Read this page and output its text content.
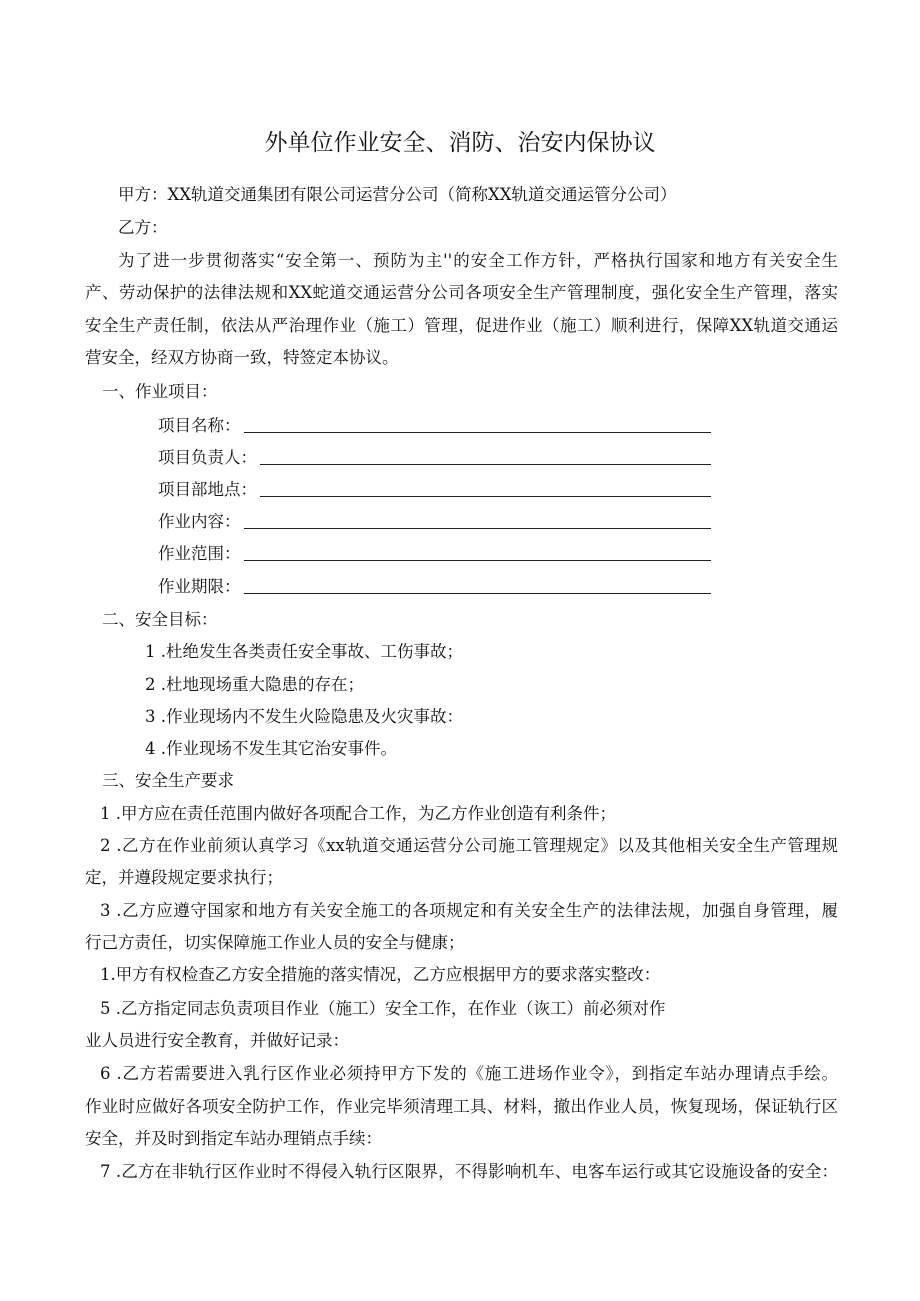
外单位作业安全、消防、治安内保协议
甲方：XX轨道交通集团有限公司运营分公司（简称XX轨道交通运管分公司）
乙方：
为了进一步贯彻落实“安全第一、预防为主''的安全工作方针，严格执行国家和地方有关安全生
产、劳动保护的法律法规和XX蛇道交通运营分公司各项安全生产管理制度，强化安全生产管理，落实
安全生产责任制，依法从严治理作业（施工）管理，促进作业（施工）顺利进行，保障XX轨道交通运
营安全，经双方协商一致，特签定本协议。
一、作业项目：
项目名称：
项目负责人：
项目部地点：
作业内容：
作业范围：
作业期限：
二、安全目标：
1 .杜绝发生各类责任安全事故、工伤事故；
2 .杜地现场重大隐患的存在；
3 .作业现场内不发生火险隐患及火灾事故：
4 .作业现场不发生其它治安事件。
三、安全生产要求
1 .甲方应在责任范围内做好各项配合工作，为乙方作业创造有利条件；
2 .乙方在作业前须认真学习《xx轨道交通运营分公司施工管理规定》以及其他相关安全生产管理规
定，并遵段规定要求执行；
3 .乙方应遵守国家和地方有关安全施工的各项规定和有关安全生产的法律法规，加强自身管理，履
行己方责任，切实保障施工作业人员的安全与健康；
1.甲方有权检查乙方安全措施的落实情况，乙方应根据甲方的要求落实整改：
5 .乙方指定同志负责项目作业（施工）安全工作，在作业（诙工）前必须对作
业人员进行安全教育，并做好记录：
6 .乙方若需要进入乳行区作业必须持甲方下发的《施工进场作业令》，到指定车站办理请点手绘。
作业时应做好各项安全防护工作，作业完毕须清理工具、材料，撤出作业人员，恢复现场，保证轨行区
安全，并及时到指定车站办理销点手续：
7 .乙方在非轨行区作业时不得侵入轨行区限界，不得影响机车、电客车运行或其它设施设备的安全：
